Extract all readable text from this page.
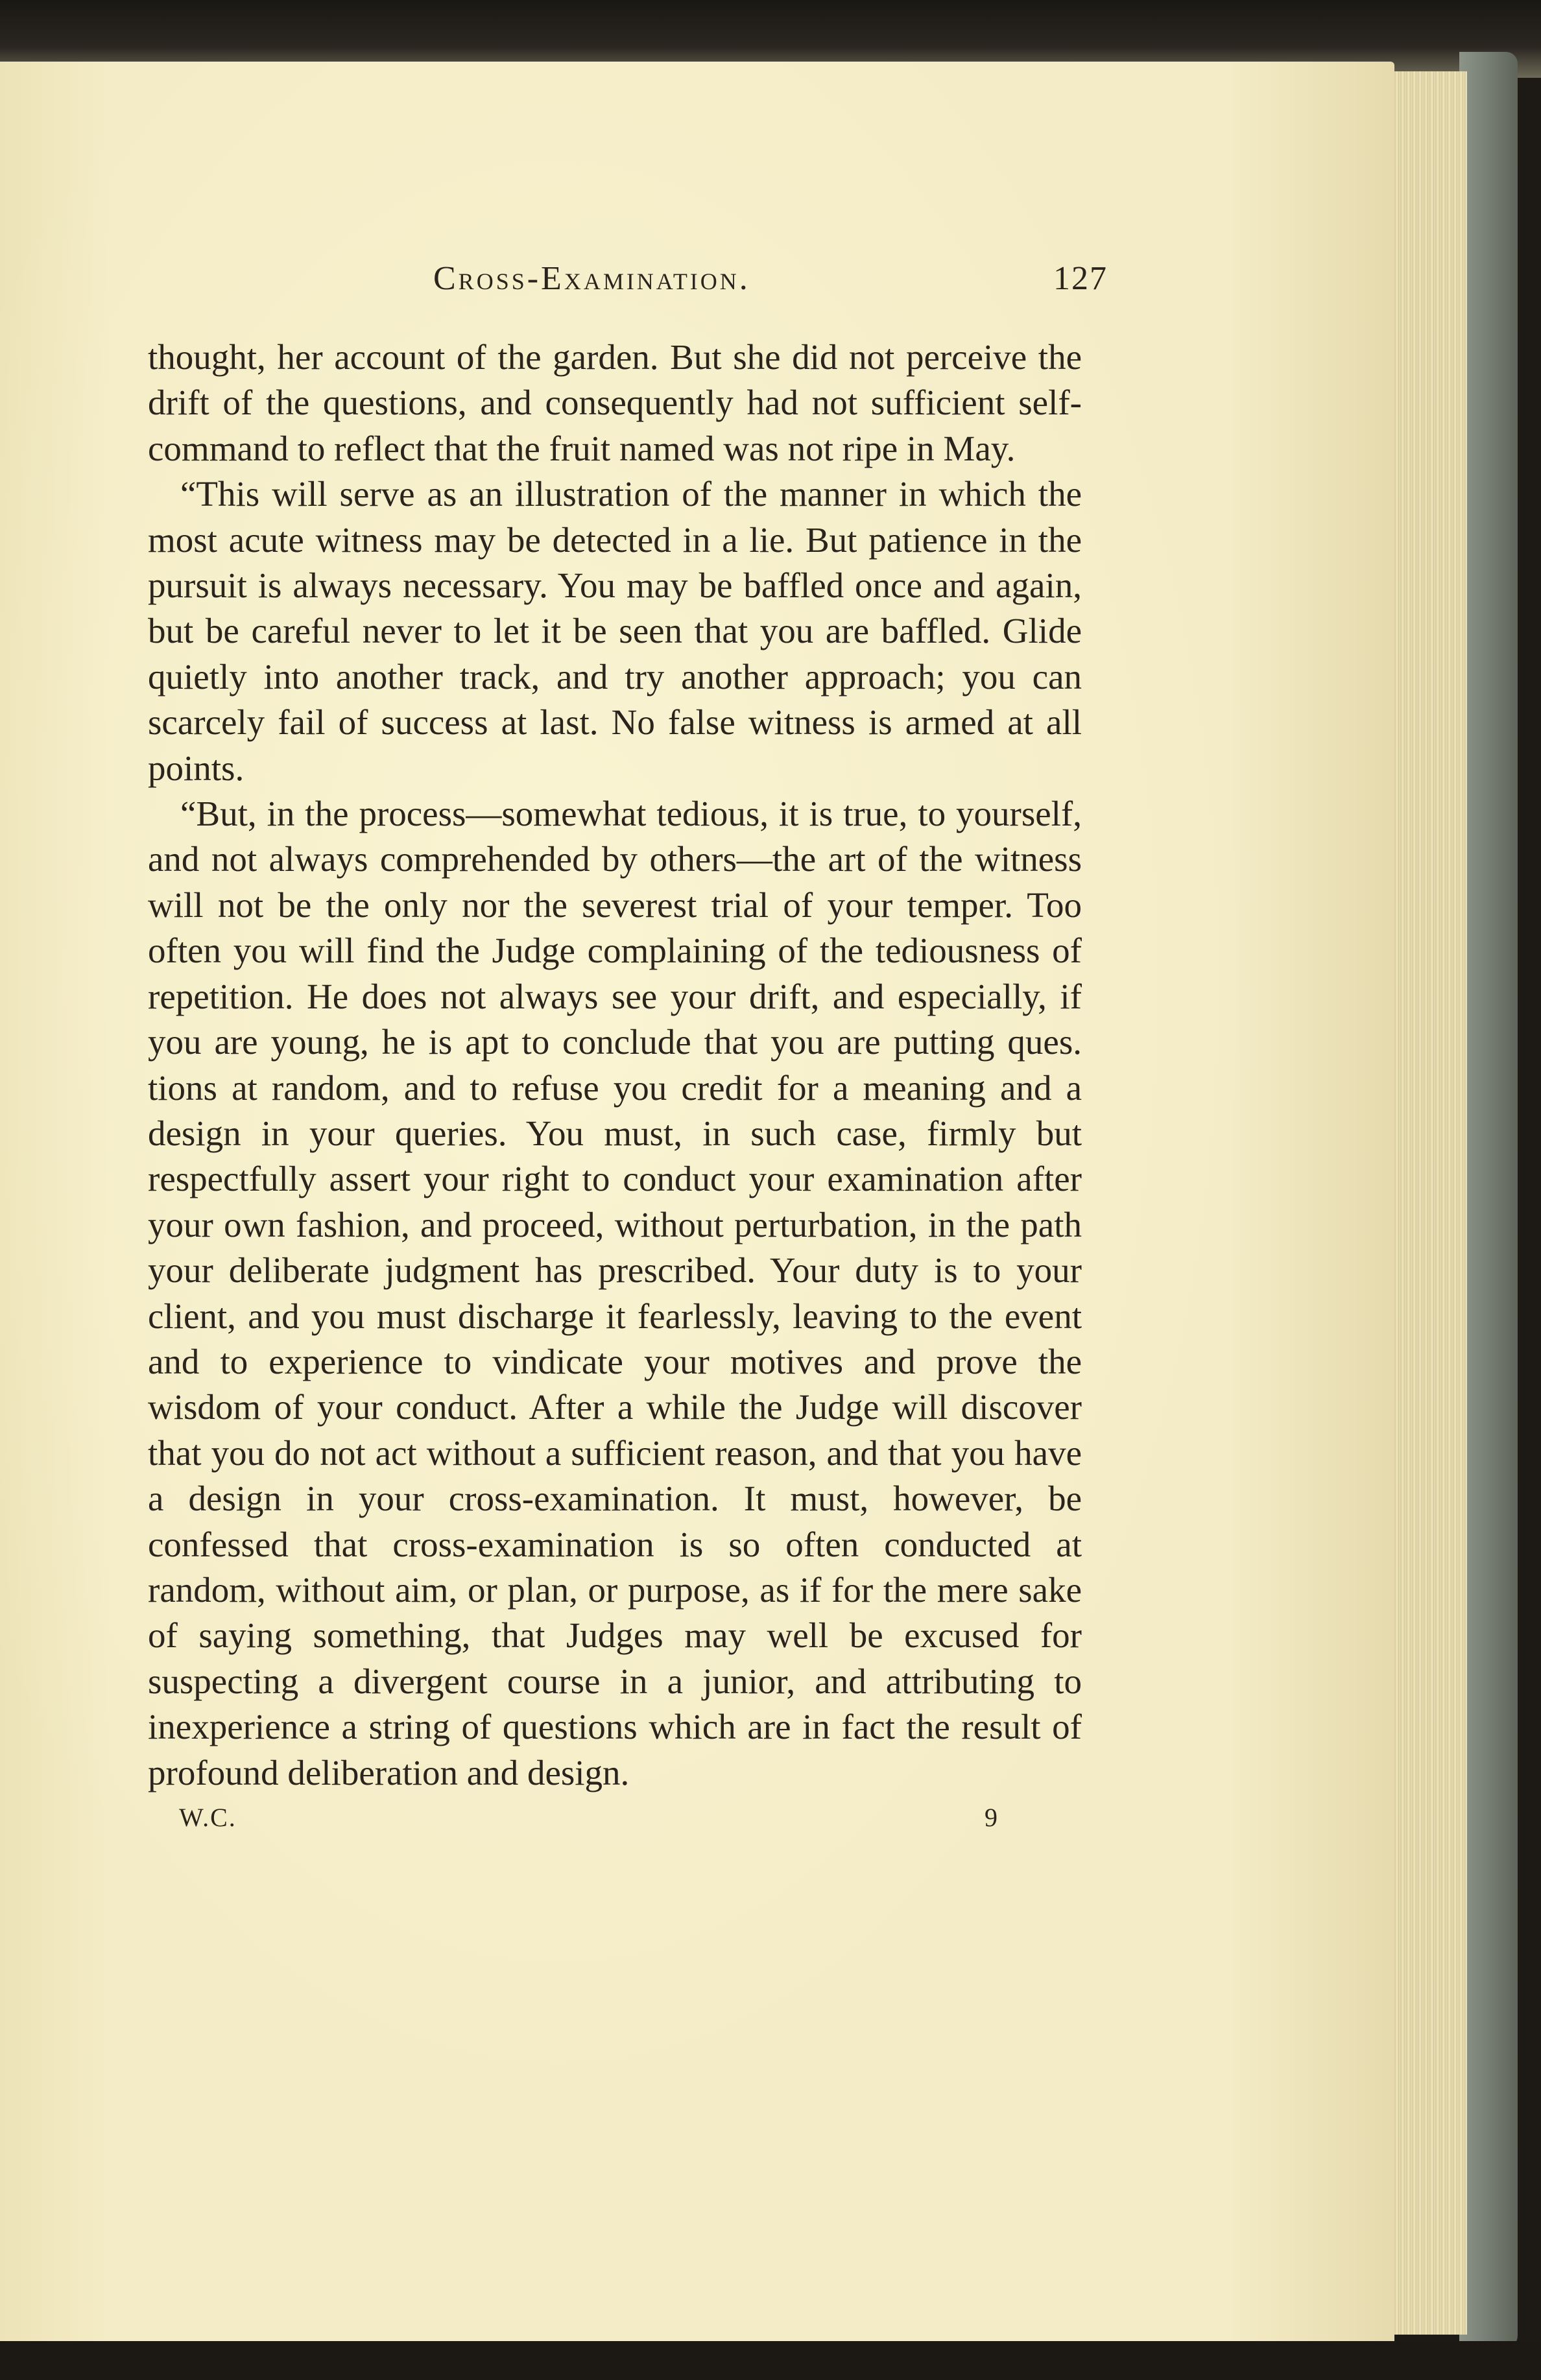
Cross-Examination.	127

thought, her account of the garden. But she did not perceive the drift of the questions, and consequently had not sufficient self-command to reflect that the fruit named was not ripe in May.

“This will serve as an illustration of the manner in which the most acute witness may be detected in a lie. But patience in the pursuit is always necessary. You may be baffled once and again, but be careful never to let it be seen that you are baffled. Glide quietly into another track, and try another approach; you can scarcely fail of success at last. No false witness is armed at all points.

“But, in the process—somewhat tedious, it is true, to yourself, and not always comprehended by others—the art of the witness will not be the only nor the severest trial of your temper. Too often you will find the Judge complaining of the tediousness of repetition. He does not always see your drift, and especially, if you are young, he is apt to conclude that you are putting ques. tions at random, and to refuse you credit for a meaning and a design in your queries. You must, in such case, firmly but respectfully assert your right to conduct your examination after your own fashion, and proceed, without perturbation, in the path your deliberate judgment has prescribed. Your duty is to your client, and you must discharge it fearlessly, leaving to the event and to experience to vindicate your motives and prove the wisdom of your conduct. After a while the Judge will discover that you do not act without a sufficient reason, and that you have a design in your cross-examination. It must, however, be confessed that cross-examination is so often conducted at random, without aim, or plan, or purpose, as if for the mere sake of saying something, that Judges may well be excused for suspecting a divergent course in a junior, and attributing to inexperience a string of questions which are in fact the result of profound deliberation and design.

W.C.	9
